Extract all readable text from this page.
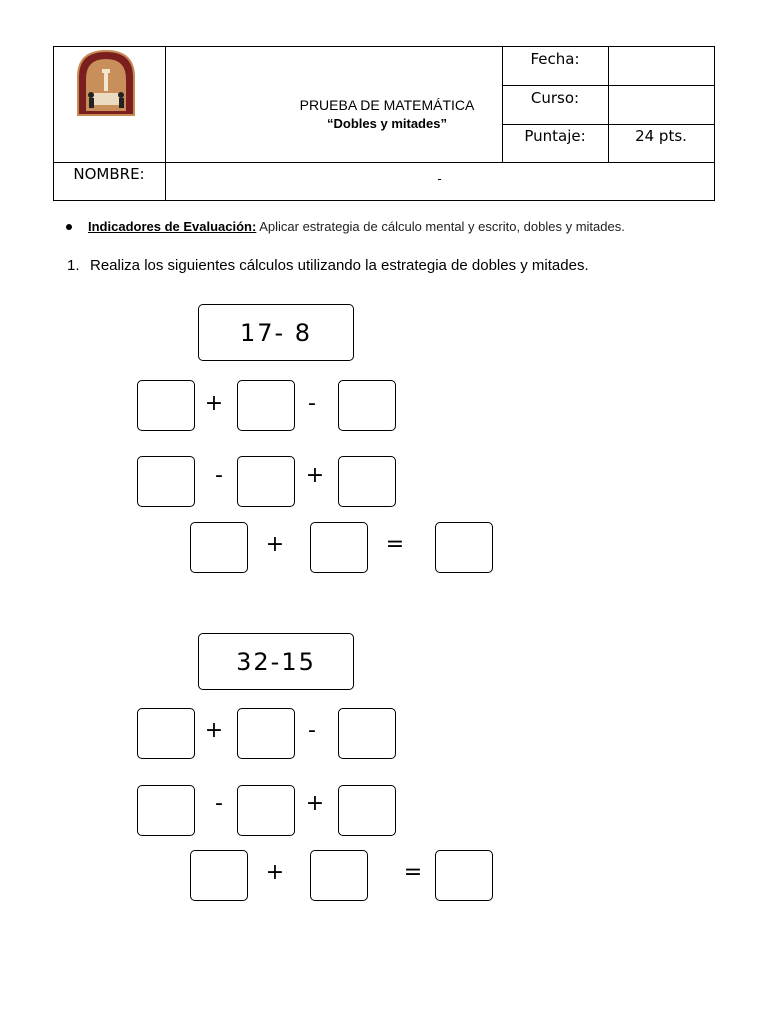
PRUEBA DE MATEMÁTICA
“Dobles y mitades”
Fecha:
Curso:
Puntaje:	24 pts.
NOMBRE:	-
Indicadores de Evaluación: Aplicar estrategia de cálculo mental y escrito, dobles y mitades.
1. Realiza los siguientes cálculos utilizando la estrategia de dobles y mitades.
17- 8
+	-
-	+
+	=
32-15
+	-
-	+
+	=
